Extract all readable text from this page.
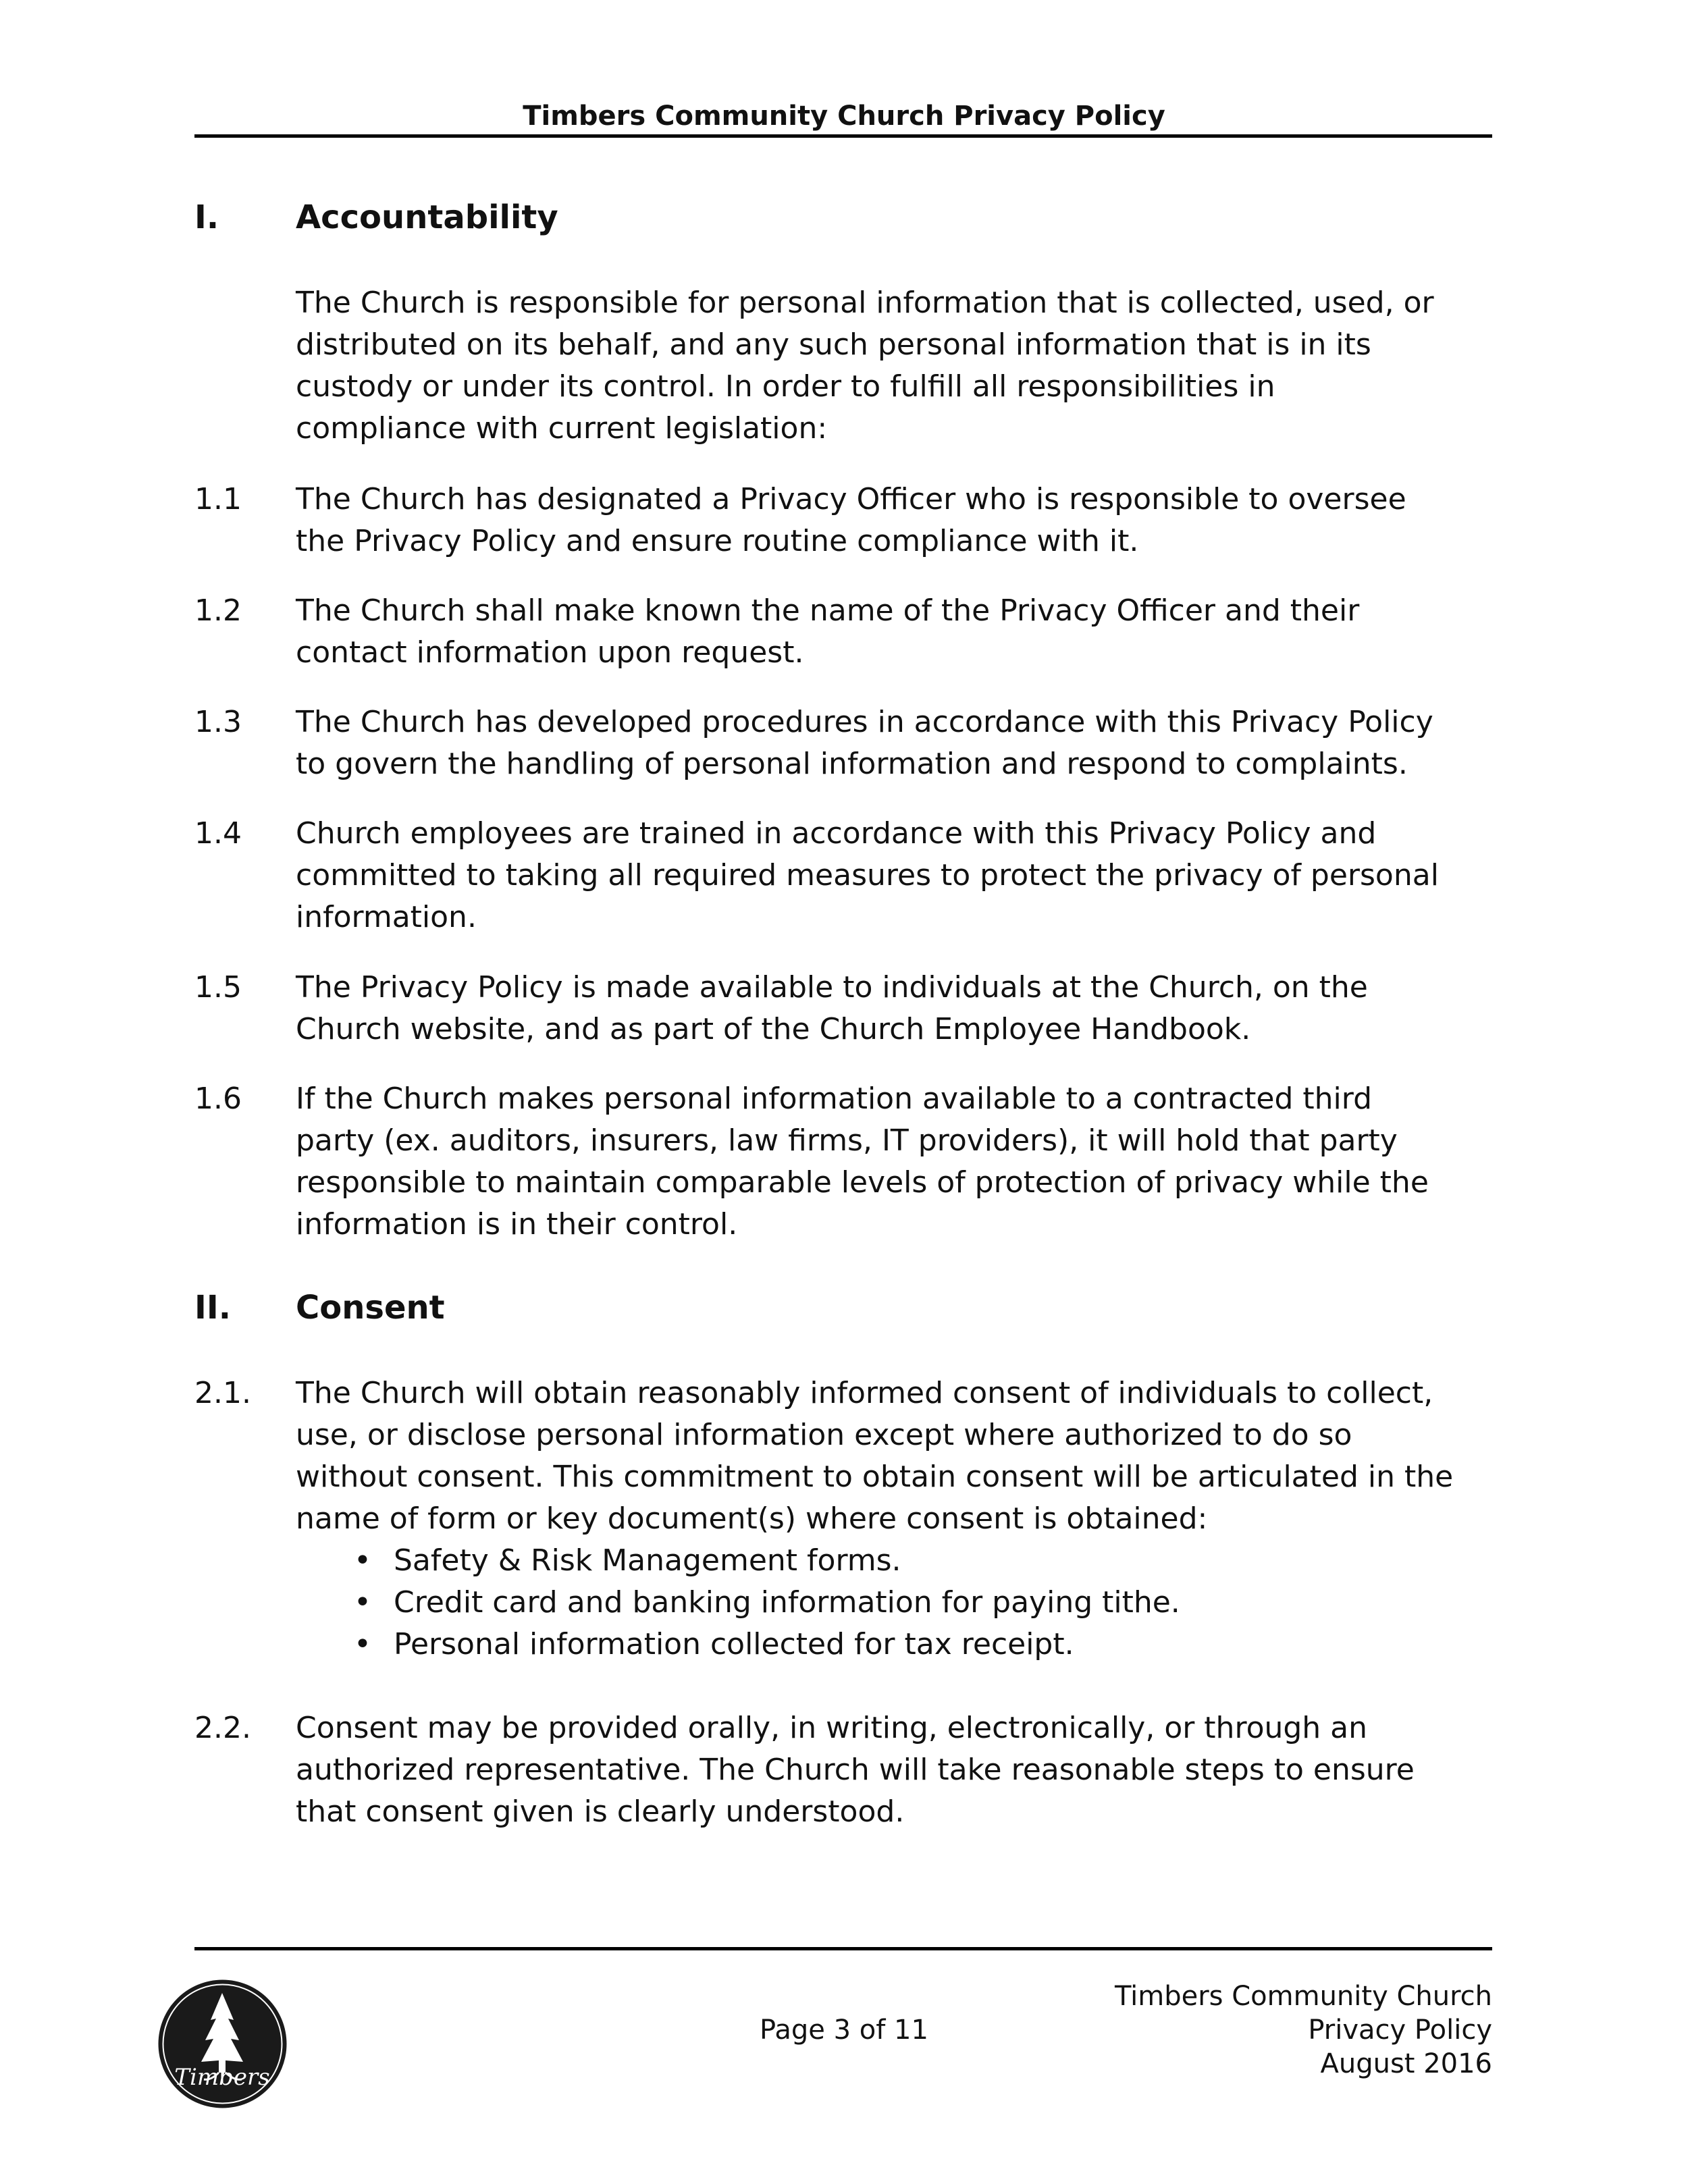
Timbers Community Church Privacy Policy
I. Accountability
The Church is responsible for personal information that is collected, used, or
distributed on its behalf, and any such personal information that is in its
custody or under its control. In order to fulfill all responsibilities in
compliance with current legislation:
1.1 The Church has designated a Privacy Officer who is responsible to oversee
the Privacy Policy and ensure routine compliance with it.
1.2 The Church shall make known the name of the Privacy Officer and their
contact information upon request.
1.3 The Church has developed procedures in accordance with this Privacy Policy
to govern the handling of personal information and respond to complaints.
1.4 Church employees are trained in accordance with this Privacy Policy and
committed to taking all required measures to protect the privacy of personal
information.
1.5 The Privacy Policy is made available to individuals at the Church, on the
Church website, and as part of the Church Employee Handbook.
1.6 If the Church makes personal information available to a contracted third
party (ex. auditors, insurers, law firms, IT providers), it will hold that party
responsible to maintain comparable levels of protection of privacy while the
information is in their control.
II. Consent
2.1. The Church will obtain reasonably informed consent of individuals to collect,
use, or disclose personal information except where authorized to do so
without consent. This commitment to obtain consent will be articulated in the
name of form or key document(s) where consent is obtained:
• Safety & Risk Management forms.
• Credit card and banking information for paying tithe.
• Personal information collected for tax receipt.
2.2. Consent may be provided orally, in writing, electronically, or through an
authorized representative. The Church will take reasonable steps to ensure
that consent given is clearly understood.
Timbers
Page 3 of 11
Timbers Community Church
Privacy Policy
August 2016
